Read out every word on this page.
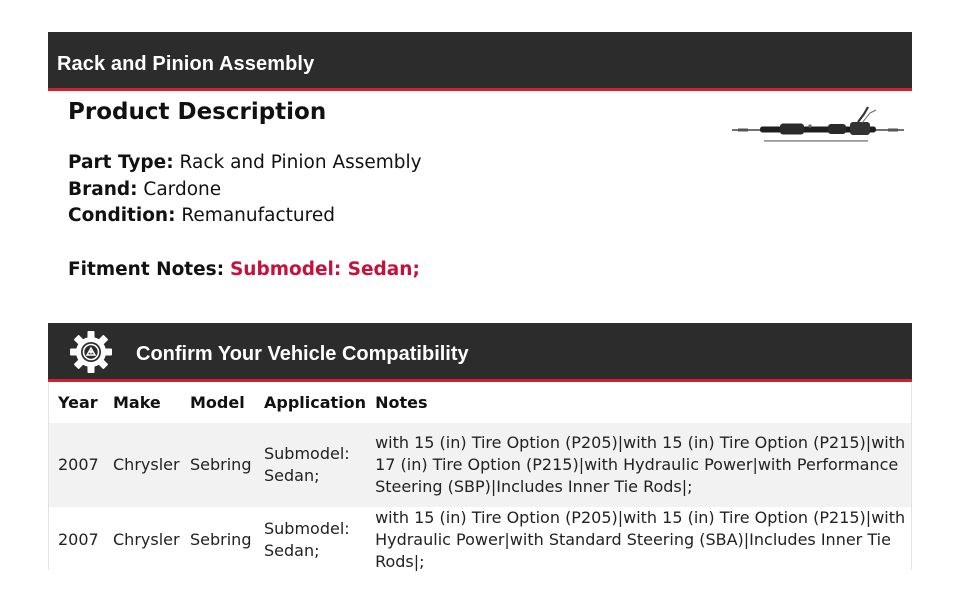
Rack and Pinion Assembly
Product Description
Part Type: Rack and Pinion Assembly
Brand: Cardone
Condition: Remanufactured
Fitment Notes: Submodel: Sedan;
Confirm Your Vehicle Compatibility
Year	Make	Model	Application	Notes
2007	Chrysler	Sebring	Submodel: Sedan;	with 15 (in) Tire Option (P205)|with 15 (in) Tire Option (P215)|with 17 (in) Tire Option (P215)|with Hydraulic Power|with Performance Steering (SBP)|Includes Inner Tie Rods|;
2007	Chrysler	Sebring	Submodel: Sedan;	with 15 (in) Tire Option (P205)|with 15 (in) Tire Option (P215)|with Hydraulic Power|with Standard Steering (SBA)|Includes Inner Tie Rods|;
